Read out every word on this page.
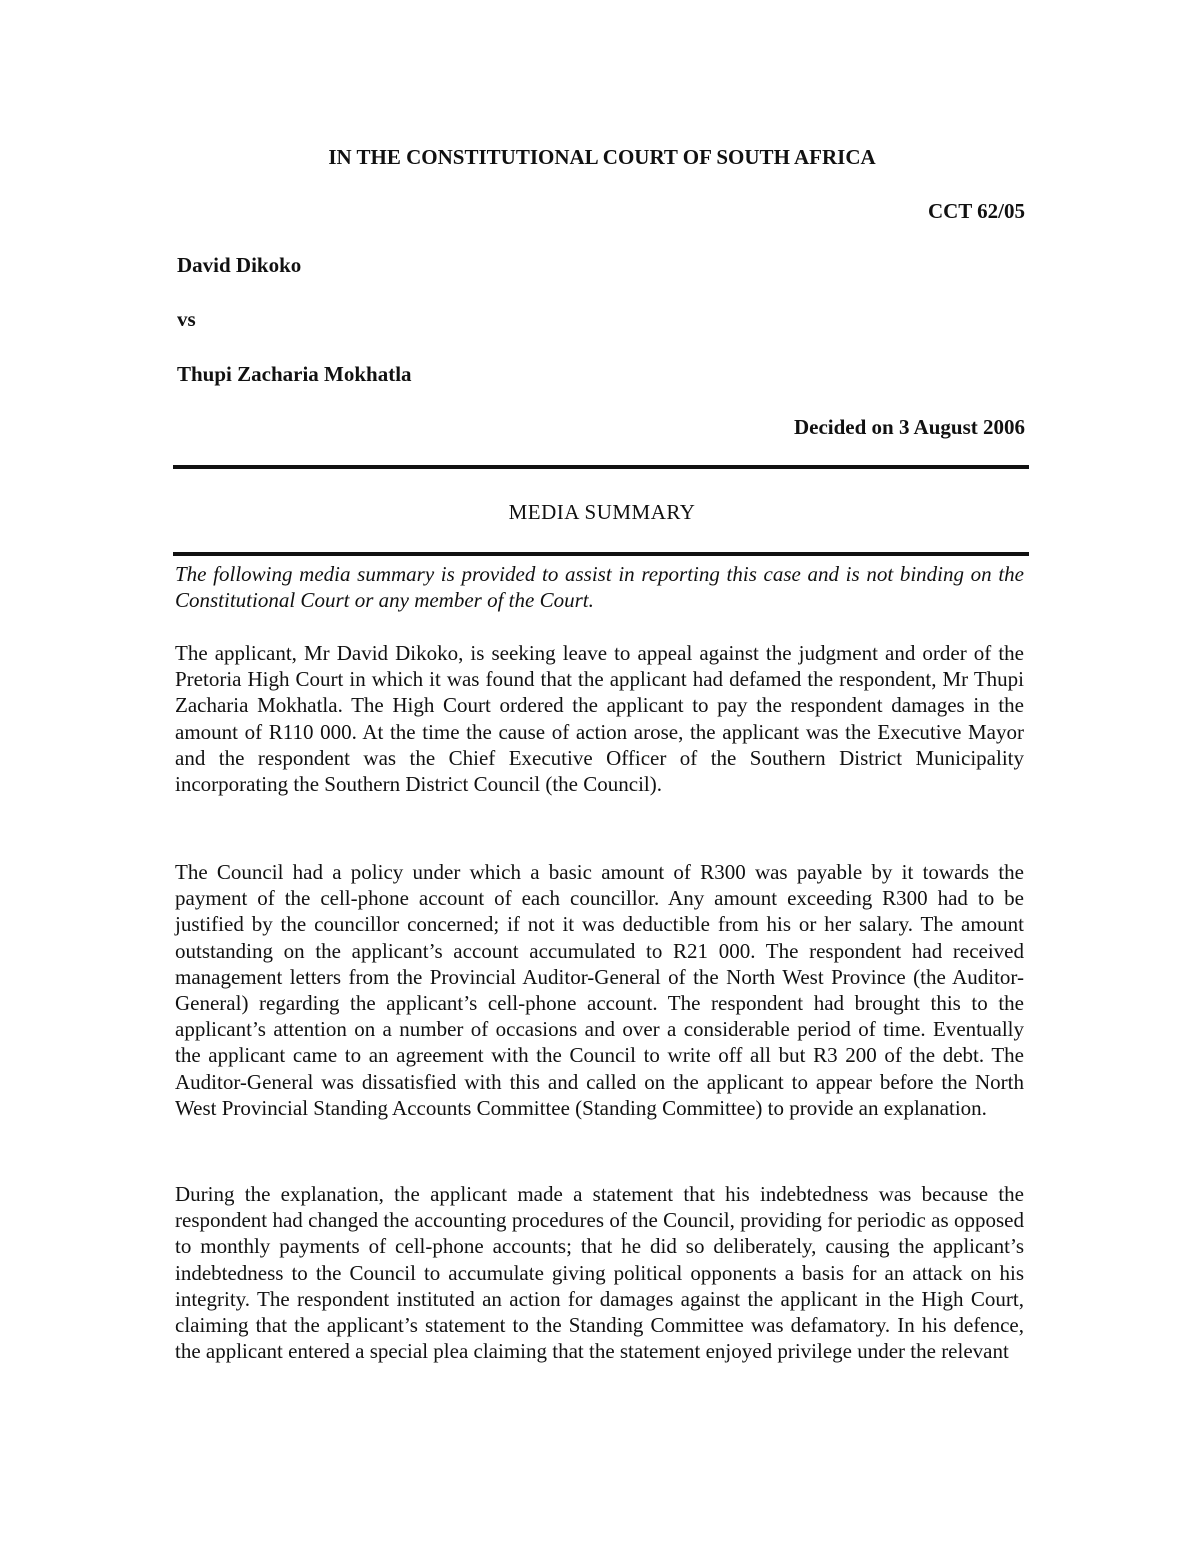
IN THE CONSTITUTIONAL COURT OF SOUTH AFRICA
CCT 62/05
David Dikoko
vs
Thupi Zacharia Mokhatla
Decided on 3 August 2006
MEDIA SUMMARY

The following media summary is provided to assist in reporting this case and is not binding on the Constitutional Court or any member of the Court.

The applicant, Mr David Dikoko, is seeking leave to appeal against the judgment and order of the Pretoria High Court in which it was found that the applicant had defamed the respondent, Mr Thupi Zacharia Mokhatla. The High Court ordered the applicant to pay the respondent damages in the amount of R110 000. At the time the cause of action arose, the applicant was the Executive Mayor and the respondent was the Chief Executive Officer of the Southern District Municipality incorporating the Southern District Council (the Council).

The Council had a policy under which a basic amount of R300 was payable by it towards the payment of the cell-phone account of each councillor. Any amount exceeding R300 had to be justified by the councillor concerned; if not it was deductible from his or her salary. The amount outstanding on the applicant’s account accumulated to R21 000. The respondent had received management letters from the Provincial Auditor-General of the North West Province (the Auditor-General) regarding the applicant’s cell-phone account. The respondent had brought this to the applicant’s attention on a number of occasions and over a considerable period of time. Eventually the applicant came to an agreement with the Council to write off all but R3 200 of the debt. The Auditor-General was dissatisfied with this and called on the applicant to appear before the North West Provincial Standing Accounts Committee (Standing Committee) to provide an explanation.

During the explanation, the applicant made a statement that his indebtedness was because the respondent had changed the accounting procedures of the Council, providing for periodic as opposed to monthly payments of cell-phone accounts; that he did so deliberately, causing the applicant’s indebtedness to the Council to accumulate giving political opponents a basis for an attack on his integrity. The respondent instituted an action for damages against the applicant in the High Court, claiming that the applicant’s statement to the Standing Committee was defamatory. In his defence, the applicant entered a special plea claiming that the statement enjoyed privilege under the relevant
